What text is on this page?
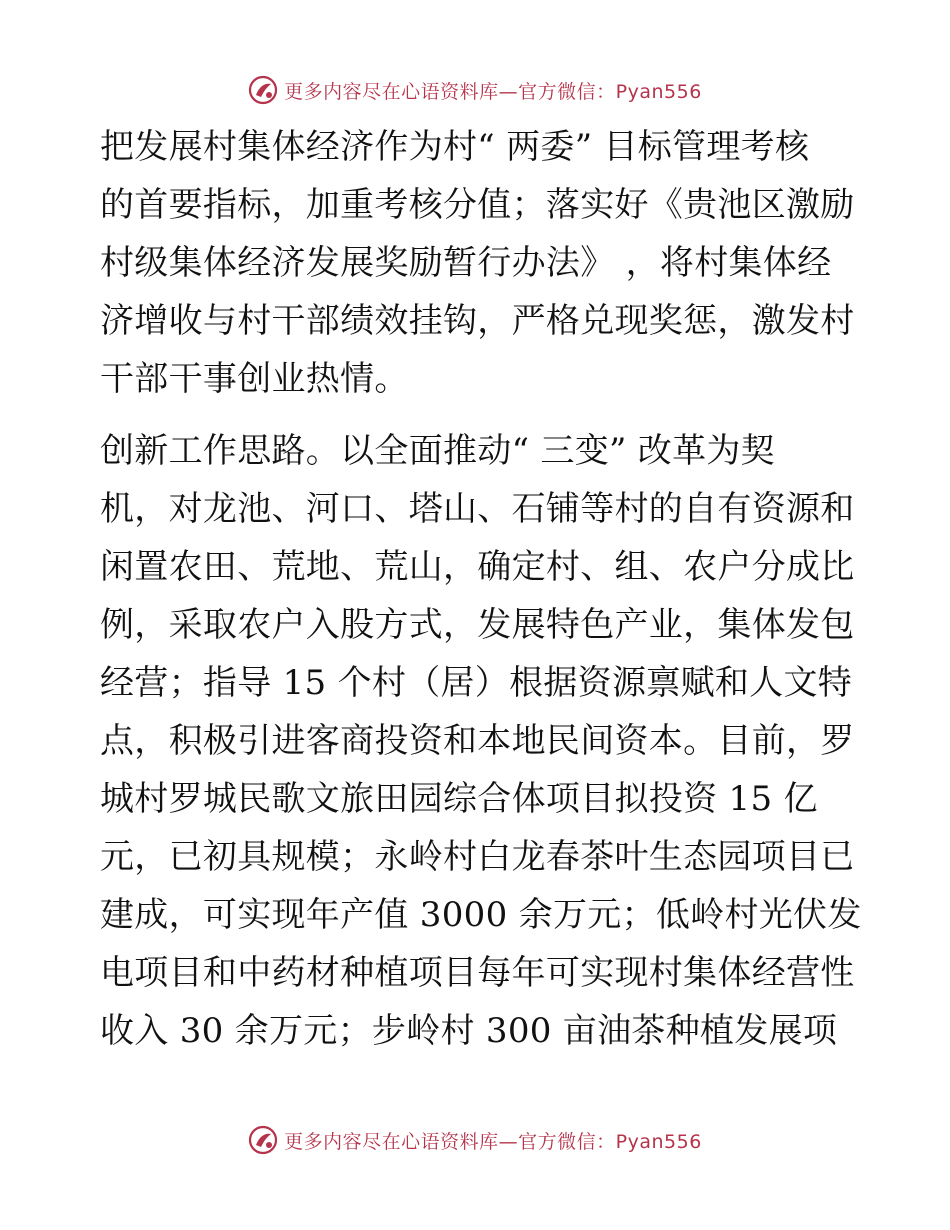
更多内容尽在心语资料库—官方微信：Pyan556
把发展村集体经济作为村“ 两委” 目标管理考核
的首要指标，加重考核分值；落实好《贵池区激励
村级集体经济发展奖励暂行办法》 ，将村集体经
济增收与村干部绩效挂钩，严格兑现奖惩，激发村
干部干事创业热情。
创新工作思路。以全面推动“ 三变” 改革为契
机，对龙池、河口、塔山、石铺等村的自有资源和
闲置农田、荒地、荒山，确定村、组、农户分成比
例，采取农户入股方式，发展特色产业，集体发包
经营；指导 15 个村（居）根据资源禀赋和人文特
点，积极引进客商投资和本地民间资本。目前，罗
城村罗城民歌文旅田园综合体项目拟投资 15 亿
元，已初具规模；永岭村白龙春茶叶生态园项目已
建成，可实现年产值 3000 余万元；低岭村光伏发
电项目和中药材种植项目每年可实现村集体经营性
收入 30 余万元；步岭村 300 亩油茶种植发展项
更多内容尽在心语资料库—官方微信：Pyan556
